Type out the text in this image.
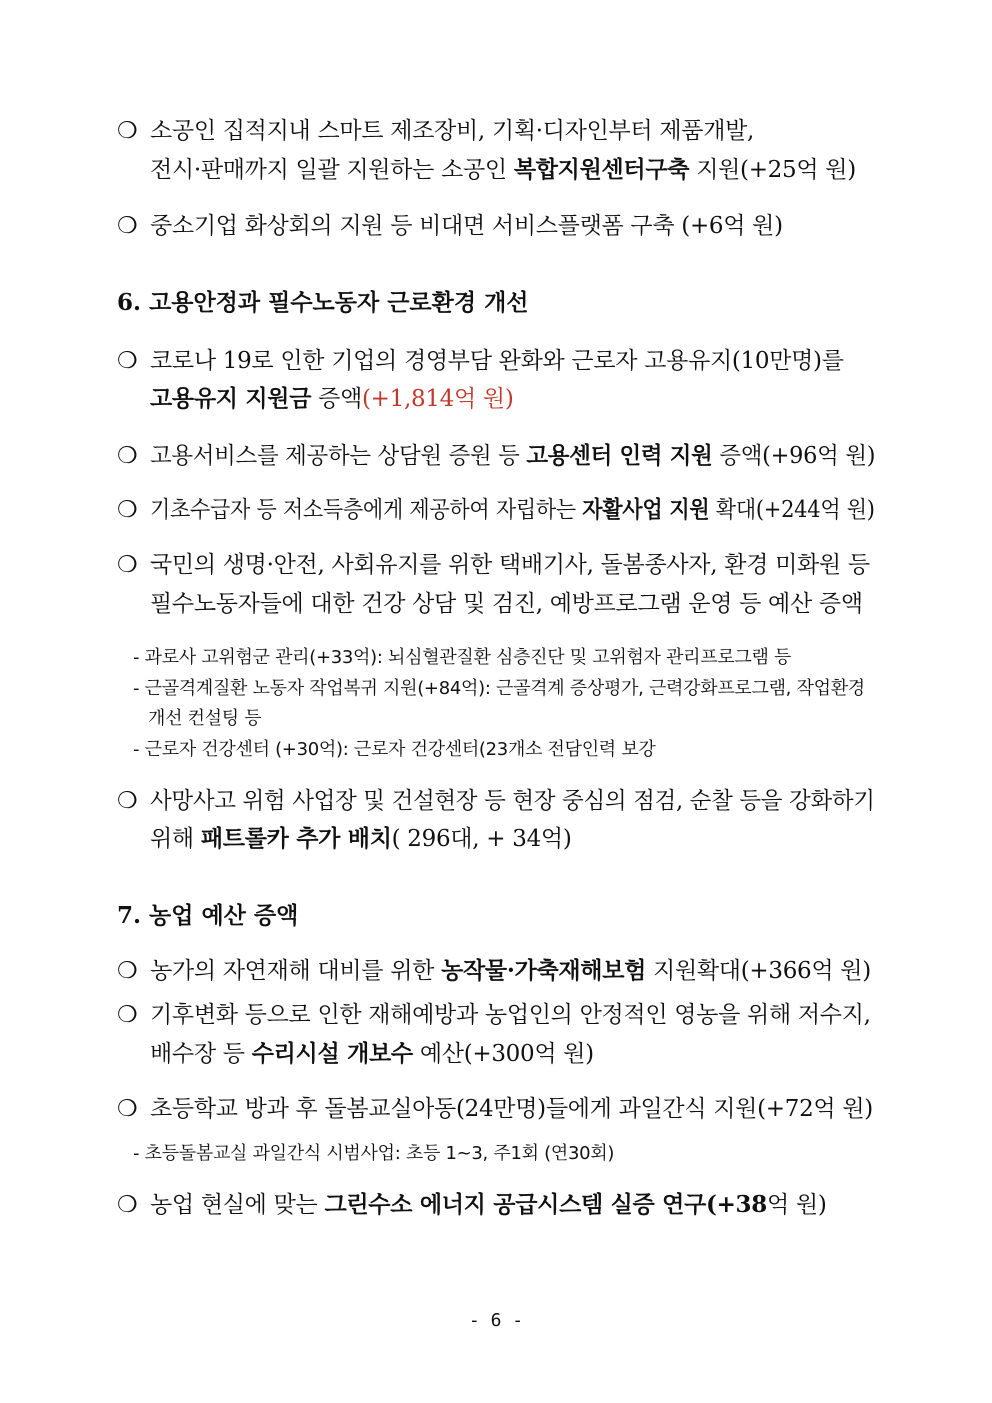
❍ 소공인 집적지내 스마트 제조장비, 기획·디자인부터 제품개발,
전시·판매까지 일괄 지원하는 소공인 복합지원센터구축 지원(+25억 원)
❍ 중소기업 화상회의 지원 등 비대면 서비스플랫폼 구축 (+6억 원)
6. 고용안정과 필수노동자 근로환경 개선
❍ 코로나 19로 인한 기업의 경영부담 완화와 근로자 고용유지(10만명)를
고용유지 지원금 증액(+1,814억 원)
❍ 고용서비스를 제공하는 상담원 증원 등 고용센터 인력 지원 증액(+96억 원)
❍ 기초수급자 등 저소득층에게 제공하여 자립하는 자활사업 지원 확대(+244억 원)
❍ 국민의 생명·안전, 사회유지를 위한 택배기사, 돌봄종사자, 환경 미화원 등
필수노동자들에 대한 건강 상담 및 검진, 예방프로그램 운영 등 예산 증액
- 과로사 고위험군 관리(+33억): 뇌심혈관질환 심층진단 및 고위험자 관리프로그램 등
- 근골격계질환 노동자 작업복귀 지원(+84억): 근골격계 증상평가, 근력강화프로그램, 작업환경
개선 컨설팅 등
- 근로자 건강센터 (+30억): 근로자 건강센터(23개소 전담인력 보강
❍ 사망사고 위험 사업장 및 건설현장 등 현장 중심의 점검, 순찰 등을 강화하기
위해 패트롤카 추가 배치( 296대, + 34억)
7. 농업 예산 증액
❍ 농가의 자연재해 대비를 위한 농작물·가축재해보험 지원확대(+366억 원)
❍ 기후변화 등으로 인한 재해예방과 농업인의 안정적인 영농을 위해 저수지,
배수장 등 수리시설 개보수 예산(+300억 원)
❍ 초등학교 방과 후 돌봄교실아동(24만명)들에게 과일간식 지원(+72억 원)
- 초등돌봄교실 과일간식 시범사업: 초등 1~3, 주1회 (연30회)
❍ 농업 현실에 맞는 그린수소 에너지 공급시스템 실증 연구(+38억 원)
- 6 -
